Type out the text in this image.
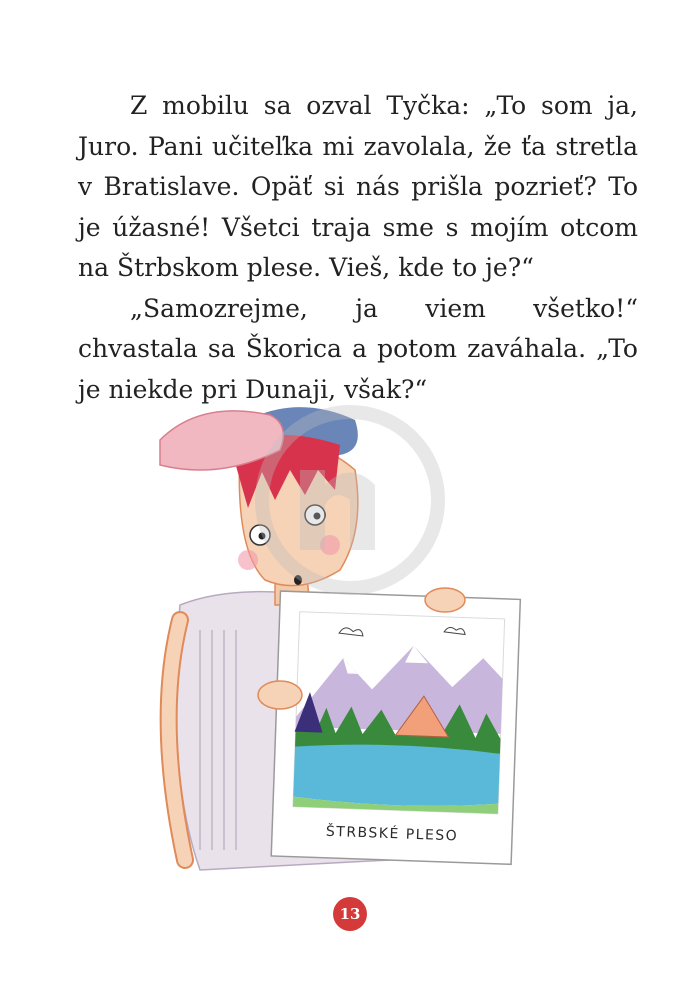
Z mobilu sa ozval Tyčka: „To som ja, Juro. Pani učiteľka mi zavolala, že ťa stretla v Bratislave. Opäť si nás prišla pozrieť? To je úžasné! Všetci traja sme s mojím otcom na Štrbskom plese. Vieš, kde to je?“

„Samozrejme, ja viem všetko!“ chvastala sa Škorica a potom zaváhala. „To je niekde pri Dunaji, však?“

ŠTRBSKÉ PLESO
13
